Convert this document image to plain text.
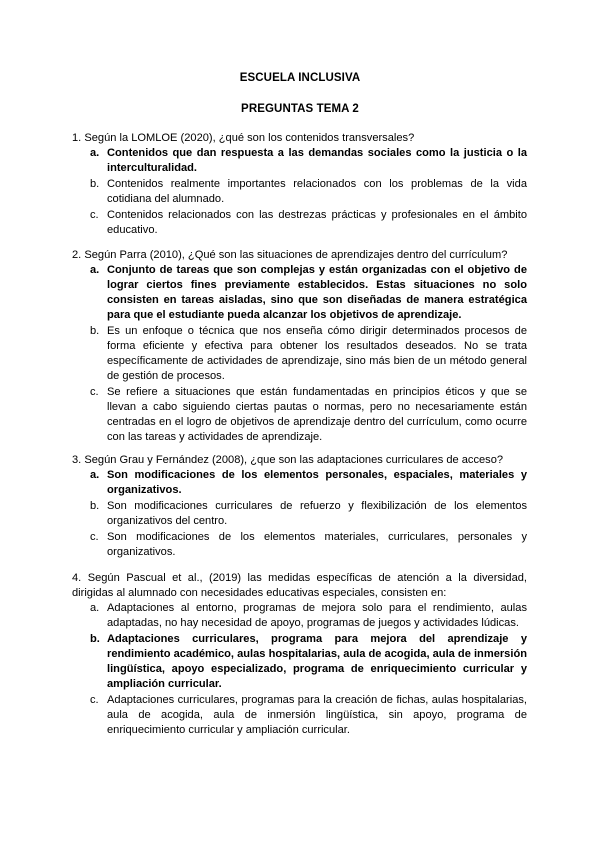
ESCUELA INCLUSIVA
PREGUNTAS TEMA 2
1. Según la LOMLOE (2020), ¿qué son los contenidos transversales?
a. Contenidos que dan respuesta a las demandas sociales como la justicia o la interculturalidad.
b. Contenidos realmente importantes relacionados con los problemas de la vida cotidiana del alumnado.
c. Contenidos relacionados con las destrezas prácticas y profesionales en el ámbito educativo.
2. Según Parra (2010), ¿Qué son las situaciones de aprendizajes dentro del currículum?
a. Conjunto de tareas que son complejas y están organizadas con el objetivo de lograr ciertos fines previamente establecidos. Estas situaciones no solo consisten en tareas aisladas, sino que son diseñadas de manera estratégica para que el estudiante pueda alcanzar los objetivos de aprendizaje.
b. Es un enfoque o técnica que nos enseña cómo dirigir determinados procesos de forma eficiente y efectiva para obtener los resultados deseados. No se trata específicamente de actividades de aprendizaje, sino más bien de un método general de gestión de procesos.
c. Se refiere a situaciones que están fundamentadas en principios éticos y que se llevan a cabo siguiendo ciertas pautas o normas, pero no necesariamente están centradas en el logro de objetivos de aprendizaje dentro del currículum, como ocurre con las tareas y actividades de aprendizaje.
3. Según Grau y Fernández (2008), ¿que son las adaptaciones curriculares de acceso?
a. Son modificaciones de los elementos personales, espaciales, materiales y organizativos.
b. Son modificaciones curriculares de refuerzo y flexibilización de los elementos organizativos del centro.
c. Son modificaciones de los elementos materiales, curriculares, personales y organizativos.
4. Según Pascual et al., (2019) las medidas específicas de atención a la diversidad, dirigidas al alumnado con necesidades educativas especiales, consisten en:
a. Adaptaciones al entorno, programas de mejora solo para el rendimiento, aulas adaptadas, no hay necesidad de apoyo, programas de juegos y actividades lúdicas.
b. Adaptaciones curriculares, programa para mejora del aprendizaje y rendimiento académico, aulas hospitalarias, aula de acogida, aula de inmersión lingüística, apoyo especializado, programa de enriquecimiento curricular y ampliación curricular.
c. Adaptaciones curriculares, programas para la creación de fichas, aulas hospitalarias, aula de acogida, aula de inmersión lingüística, sin apoyo, programa de enriquecimiento curricular y ampliación curricular.
